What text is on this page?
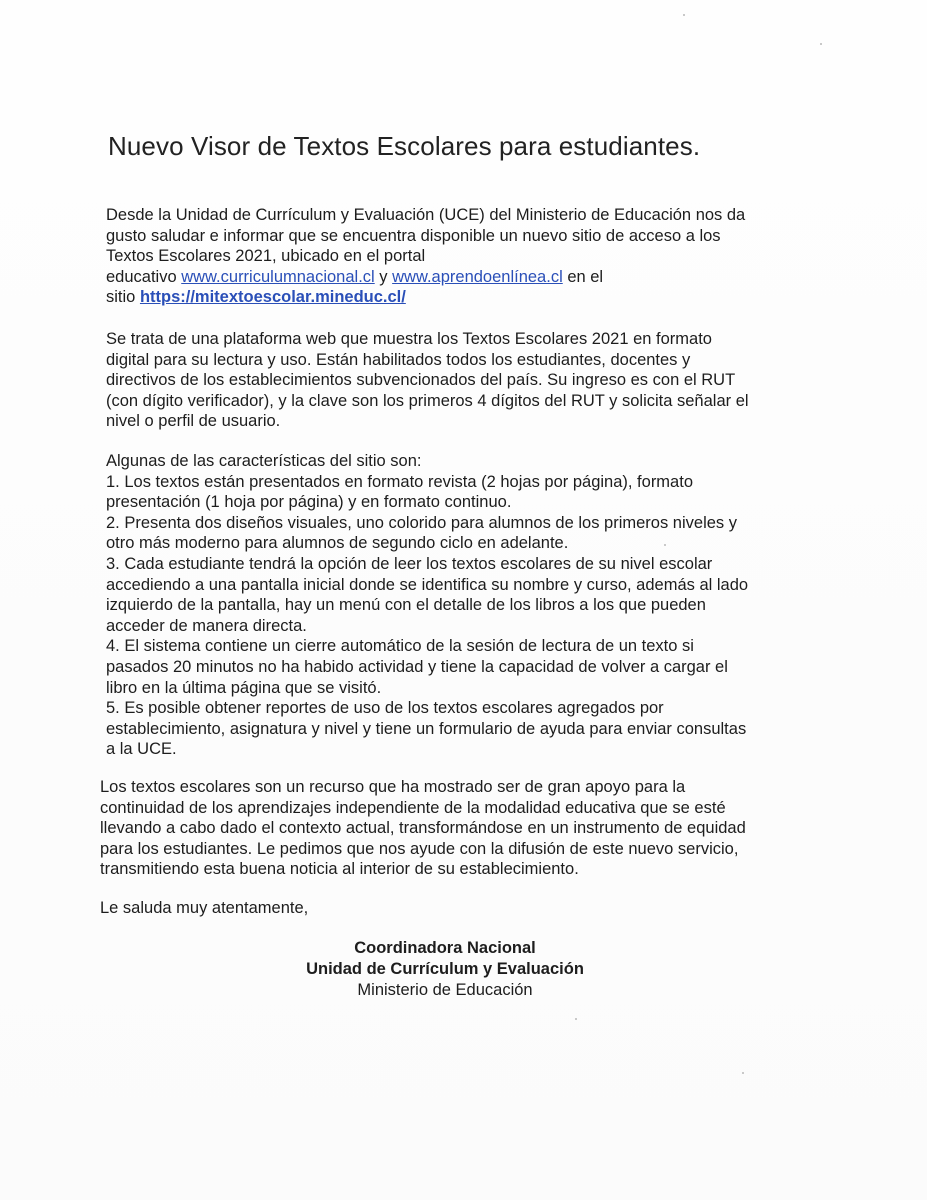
Nuevo Visor de Textos Escolares para estudiantes.

Desde la Unidad de Currículum y Evaluación (UCE) del Ministerio de Educación nos da
gusto saludar e informar que se encuentra disponible un nuevo sitio de acceso a los
Textos Escolares 2021, ubicado en el portal
educativo www.curriculumnacional.cl y www.aprendoenlínea.cl en el
sitio https://mitextoescolar.mineduc.cl/

Se trata de una plataforma web que muestra los Textos Escolares 2021 en formato
digital para su lectura y uso. Están habilitados todos los estudiantes, docentes y
directivos de los establecimientos subvencionados del país. Su ingreso es con el RUT
(con dígito verificador), y la clave son los primeros 4 dígitos del RUT y solicita señalar el
nivel o perfil de usuario.

Algunas de las características del sitio son:
1. Los textos están presentados en formato revista (2 hojas por página), formato
presentación (1 hoja por página) y en formato continuo.
2. Presenta dos diseños visuales, uno colorido para alumnos de los primeros niveles y
otro más moderno para alumnos de segundo ciclo en adelante.
3. Cada estudiante tendrá la opción de leer los textos escolares de su nivel escolar
accediendo a una pantalla inicial donde se identifica su nombre y curso, además al lado
izquierdo de la pantalla, hay un menú con el detalle de los libros a los que pueden
acceder de manera directa.
4. El sistema contiene un cierre automático de la sesión de lectura de un texto si
pasados 20 minutos no ha habido actividad y tiene la capacidad de volver a cargar el
libro en la última página que se visitó.
5. Es posible obtener reportes de uso de los textos escolares agregados por
establecimiento, asignatura y nivel y tiene un formulario de ayuda para enviar consultas
a la UCE.

Los textos escolares son un recurso que ha mostrado ser de gran apoyo para la
continuidad de los aprendizajes independiente de la modalidad educativa que se esté
llevando a cabo dado el contexto actual, transformándose en un instrumento de equidad
para los estudiantes. Le pedimos que nos ayude con la difusión de este nuevo servicio,
transmitiendo esta buena noticia al interior de su establecimiento.

Le saluda muy atentamente,

Coordinadora Nacional
Unidad de Currículum y Evaluación
Ministerio de Educación
